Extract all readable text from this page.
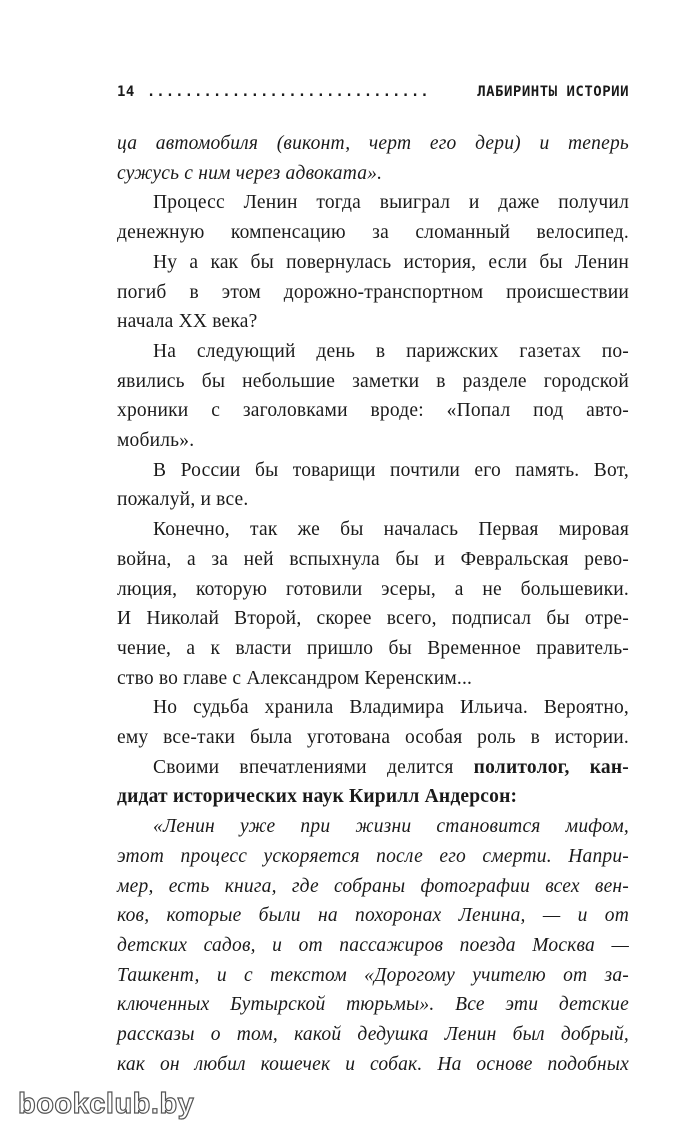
14 ..............................	ЛАБИРИНТЫ ИСТОРИИ

ца автомобиля (виконт, черт его дери) и теперь
сужусь с ним через адвоката».

Процесс Ленин тогда выиграл и даже получил
денежную компенсацию за сломанный велосипед.

Ну а как бы повернулась история, если бы Ленин
погиб в этом дорожно-транспортном происшествии
начала XX века?

На следующий день в парижских газетах по-
явились бы небольшие заметки в разделе городской
хроники с заголовками вроде: «Попал под авто-
мобиль».

В России бы товарищи почтили его память. Вот,
пожалуй, и все.

Конечно, так же бы началась Первая мировая
война, а за ней вспыхнула бы и Февральская рево-
люция, которую готовили эсеры, а не большевики.
И Николай Второй, скорее всего, подписал бы отре-
чение, а к власти пришло бы Временное правитель-
ство во главе с Александром Керенским...

Но судьба хранила Владимира Ильича. Вероятно,
ему все-таки была уготована особая роль в истории.

Своими впечатлениями делится политолог, кан-
дидат исторических наук Кирилл Андерсон:

«Ленин уже при жизни становится мифом,
этот процесс ускоряется после его смерти. Напри-
мер, есть книга, где собраны фотографии всех вен-
ков, которые были на похоронах Ленина, — и от
детских садов, и от пассажиров поезда Москва —
Ташкент, и с текстом «Дорогому учителю от за-
ключенных Бутырской тюрьмы». Все эти детские
рассказы о том, какой дедушка Ленин был добрый,
как он любил кошечек и собак. На основе подобных

bookclub.by
